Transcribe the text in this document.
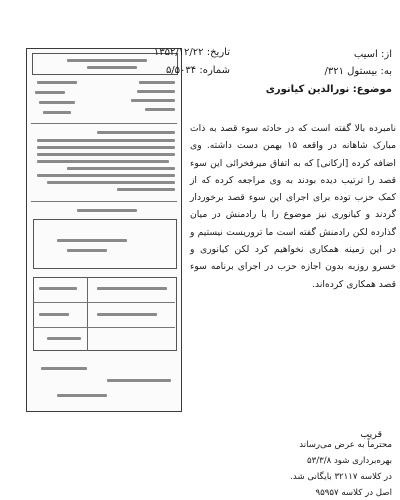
از: اسیب
تاریخ: ۱۳۵۲/۱۲/۲۲
به: بیستول ۳۲۱/
شماره: ۵/۵۰۳۴
موضوع: نورالدین کیانوری

نامبرده بالا گفته است که در حادثه سوء قصد به ذات مبارک شاهانه در واقعه ۱۵ بهمن دست داشته. وی اضافه کرده [ارکانی] که به اتفاق میرفخرائی این سوء قصد را ترتیب دیده بودند به وی مراجعه کرده که از کمک حزب توده برای اجرای این سوء قصد برخوردار گردند و کیانوری نیز موضوع را با رادمنش در میان گذارده لکن رادمنش گفته است ما تروریست نیستیم و در این زمینه همکاری نخواهیم کرد لکن کیانوری و خسرو روزبه بدون اجازه حزب در اجرای برنامه سوء قصد همکاری کرده‌اند.

قریب
محترماً به عرض می‌رساند
بهره‌برداری شود ۵۳/۳/۸
در کلاسه ۳۲۱۱۷ بایگانی شد.
اصل در کلاسه ۹۵۹۵۷
